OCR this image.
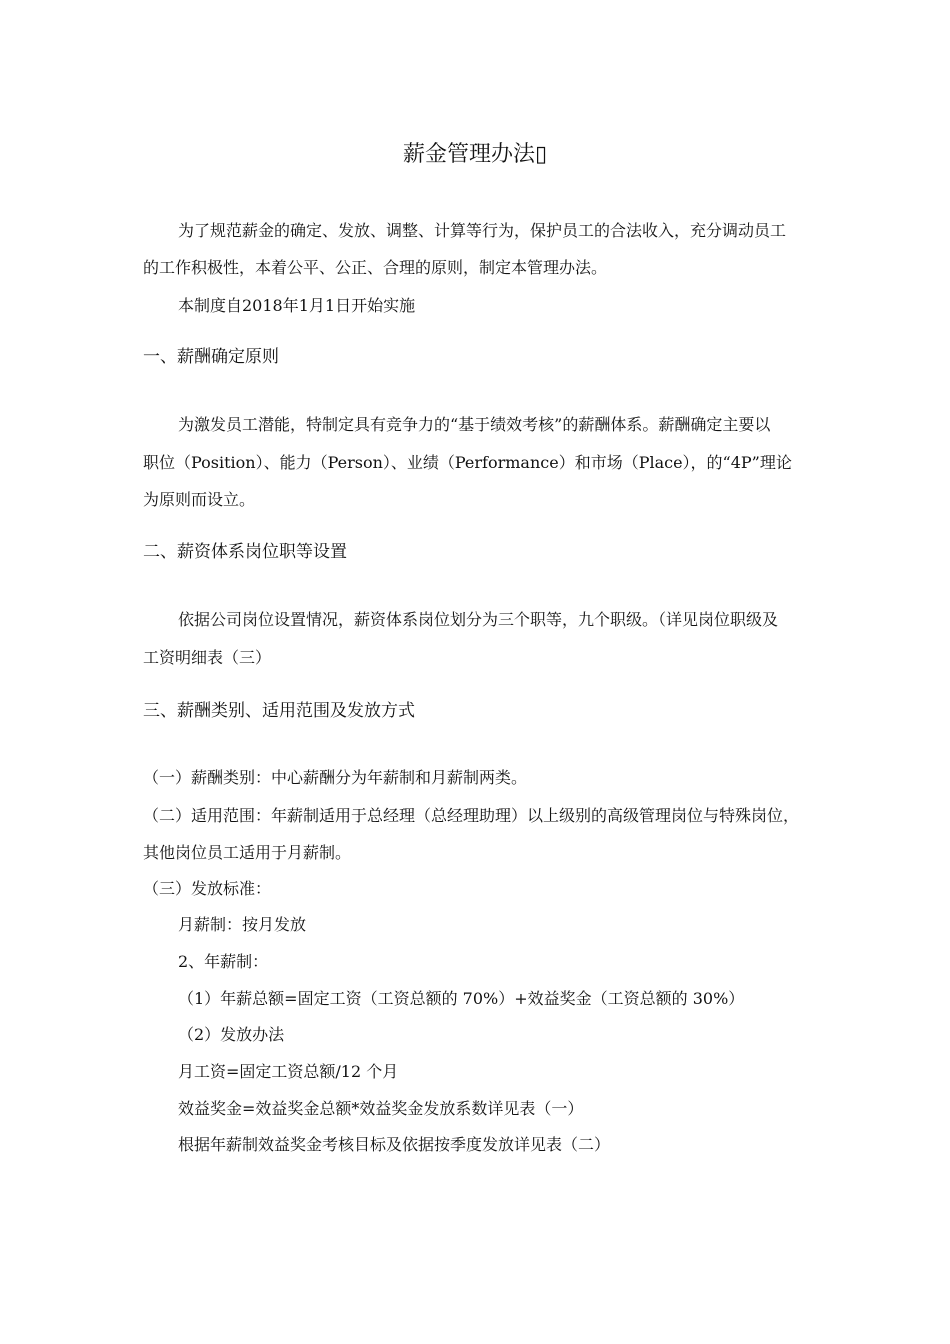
薪金管理办法▯
为了规范薪金的确定、发放、调整、计算等行为，保护员工的合法收入，充分调动员工
的工作积极性，本着公平、公正、合理的原则，制定本管理办法。
本制度自2018年1月1日开始实施
一、薪酬确定原则
为激发员工潜能，特制定具有竞争力的“基于绩效考核”的薪酬体系。薪酬确定主要以
职位（Position）、能力（Person）、业绩（Performance）和市场（Place），的“4P”理论
为原则而设立。
二、薪资体系岗位职等设置
依据公司岗位设置情况，薪资体系岗位划分为三个职等，九个职级。（详见岗位职级及
工资明细表（三）
三、薪酬类别、适用范围及发放方式
（一）薪酬类别：中心薪酬分为年薪制和月薪制两类。
（二）适用范围：年薪制适用于总经理（总经理助理）以上级别的高级管理岗位与特殊岗位，
其他岗位员工适用于月薪制。
（三）发放标准：
月薪制：按月发放
2、年薪制：
（1）年薪总额=固定工资（工资总额的 70%）+效益奖金（工资总额的 30%）
（2）发放办法
月工资=固定工资总额/12 个月
效益奖金=效益奖金总额*效益奖金发放系数详见表（一）
根据年薪制效益奖金考核目标及依据按季度发放详见表（二）
